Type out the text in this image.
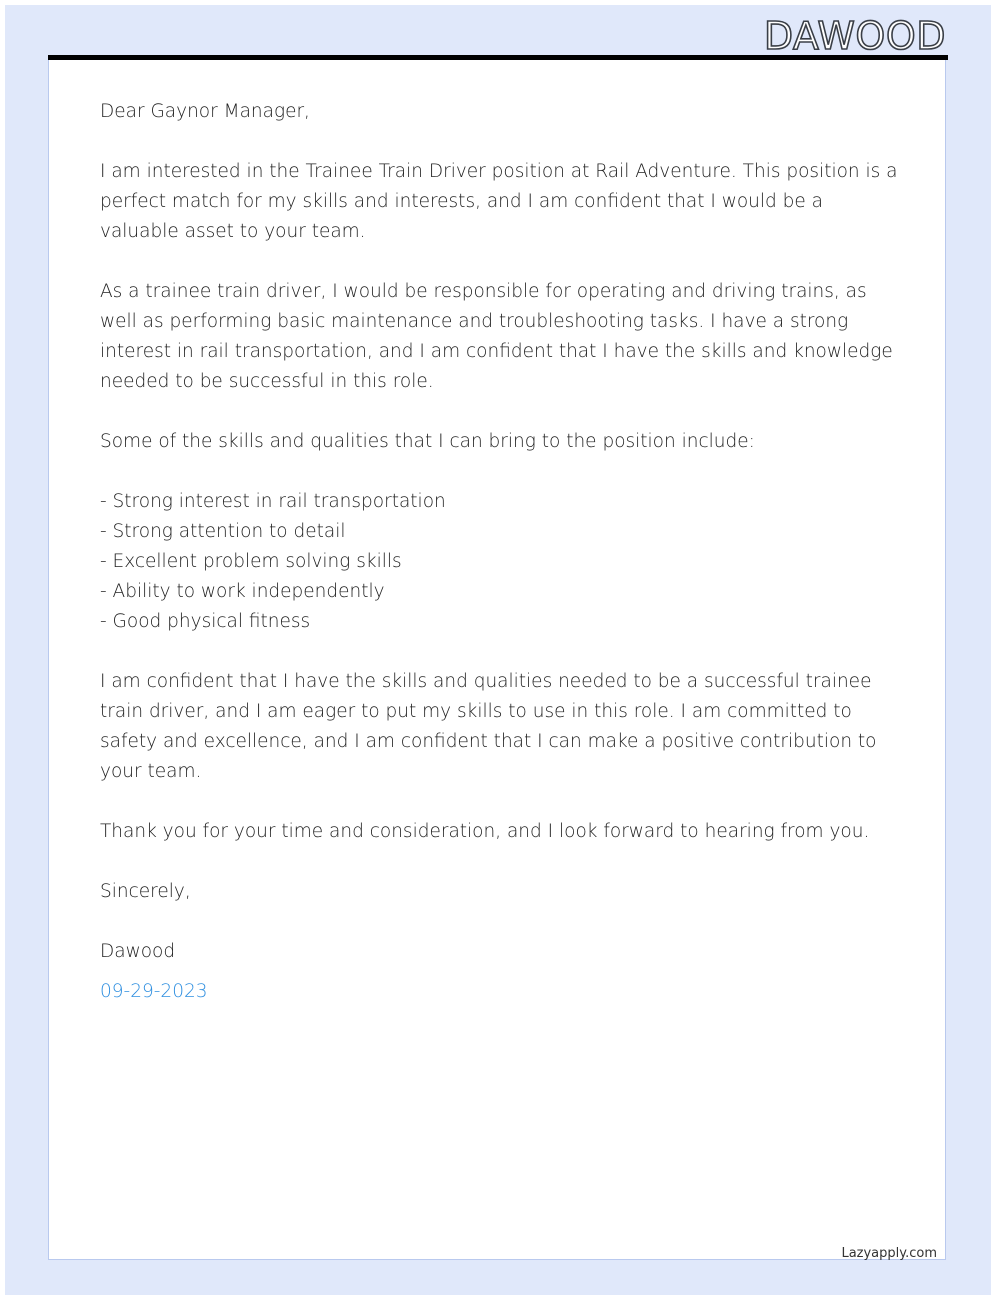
DAWOOD

Dear Gaynor Manager,

I am interested in the Trainee Train Driver position at Rail Adventure. This position is a perfect match for my skills and interests, and I am confident that I would be a valuable asset to your team.

As a trainee train driver, I would be responsible for operating and driving trains, as well as performing basic maintenance and troubleshooting tasks. I have a strong interest in rail transportation, and I am confident that I have the skills and knowledge needed to be successful in this role.

Some of the skills and qualities that I can bring to the position include:

- Strong interest in rail transportation
- Strong attention to detail
- Excellent problem solving skills
- Ability to work independently
- Good physical fitness

I am confident that I have the skills and qualities needed to be a successful trainee train driver, and I am eager to put my skills to use in this role. I am committed to safety and excellence, and I am confident that I can make a positive contribution to your team.

Thank you for your time and consideration, and I look forward to hearing from you.

Sincerely,

Dawood

09-29-2023

Lazyapply.com
